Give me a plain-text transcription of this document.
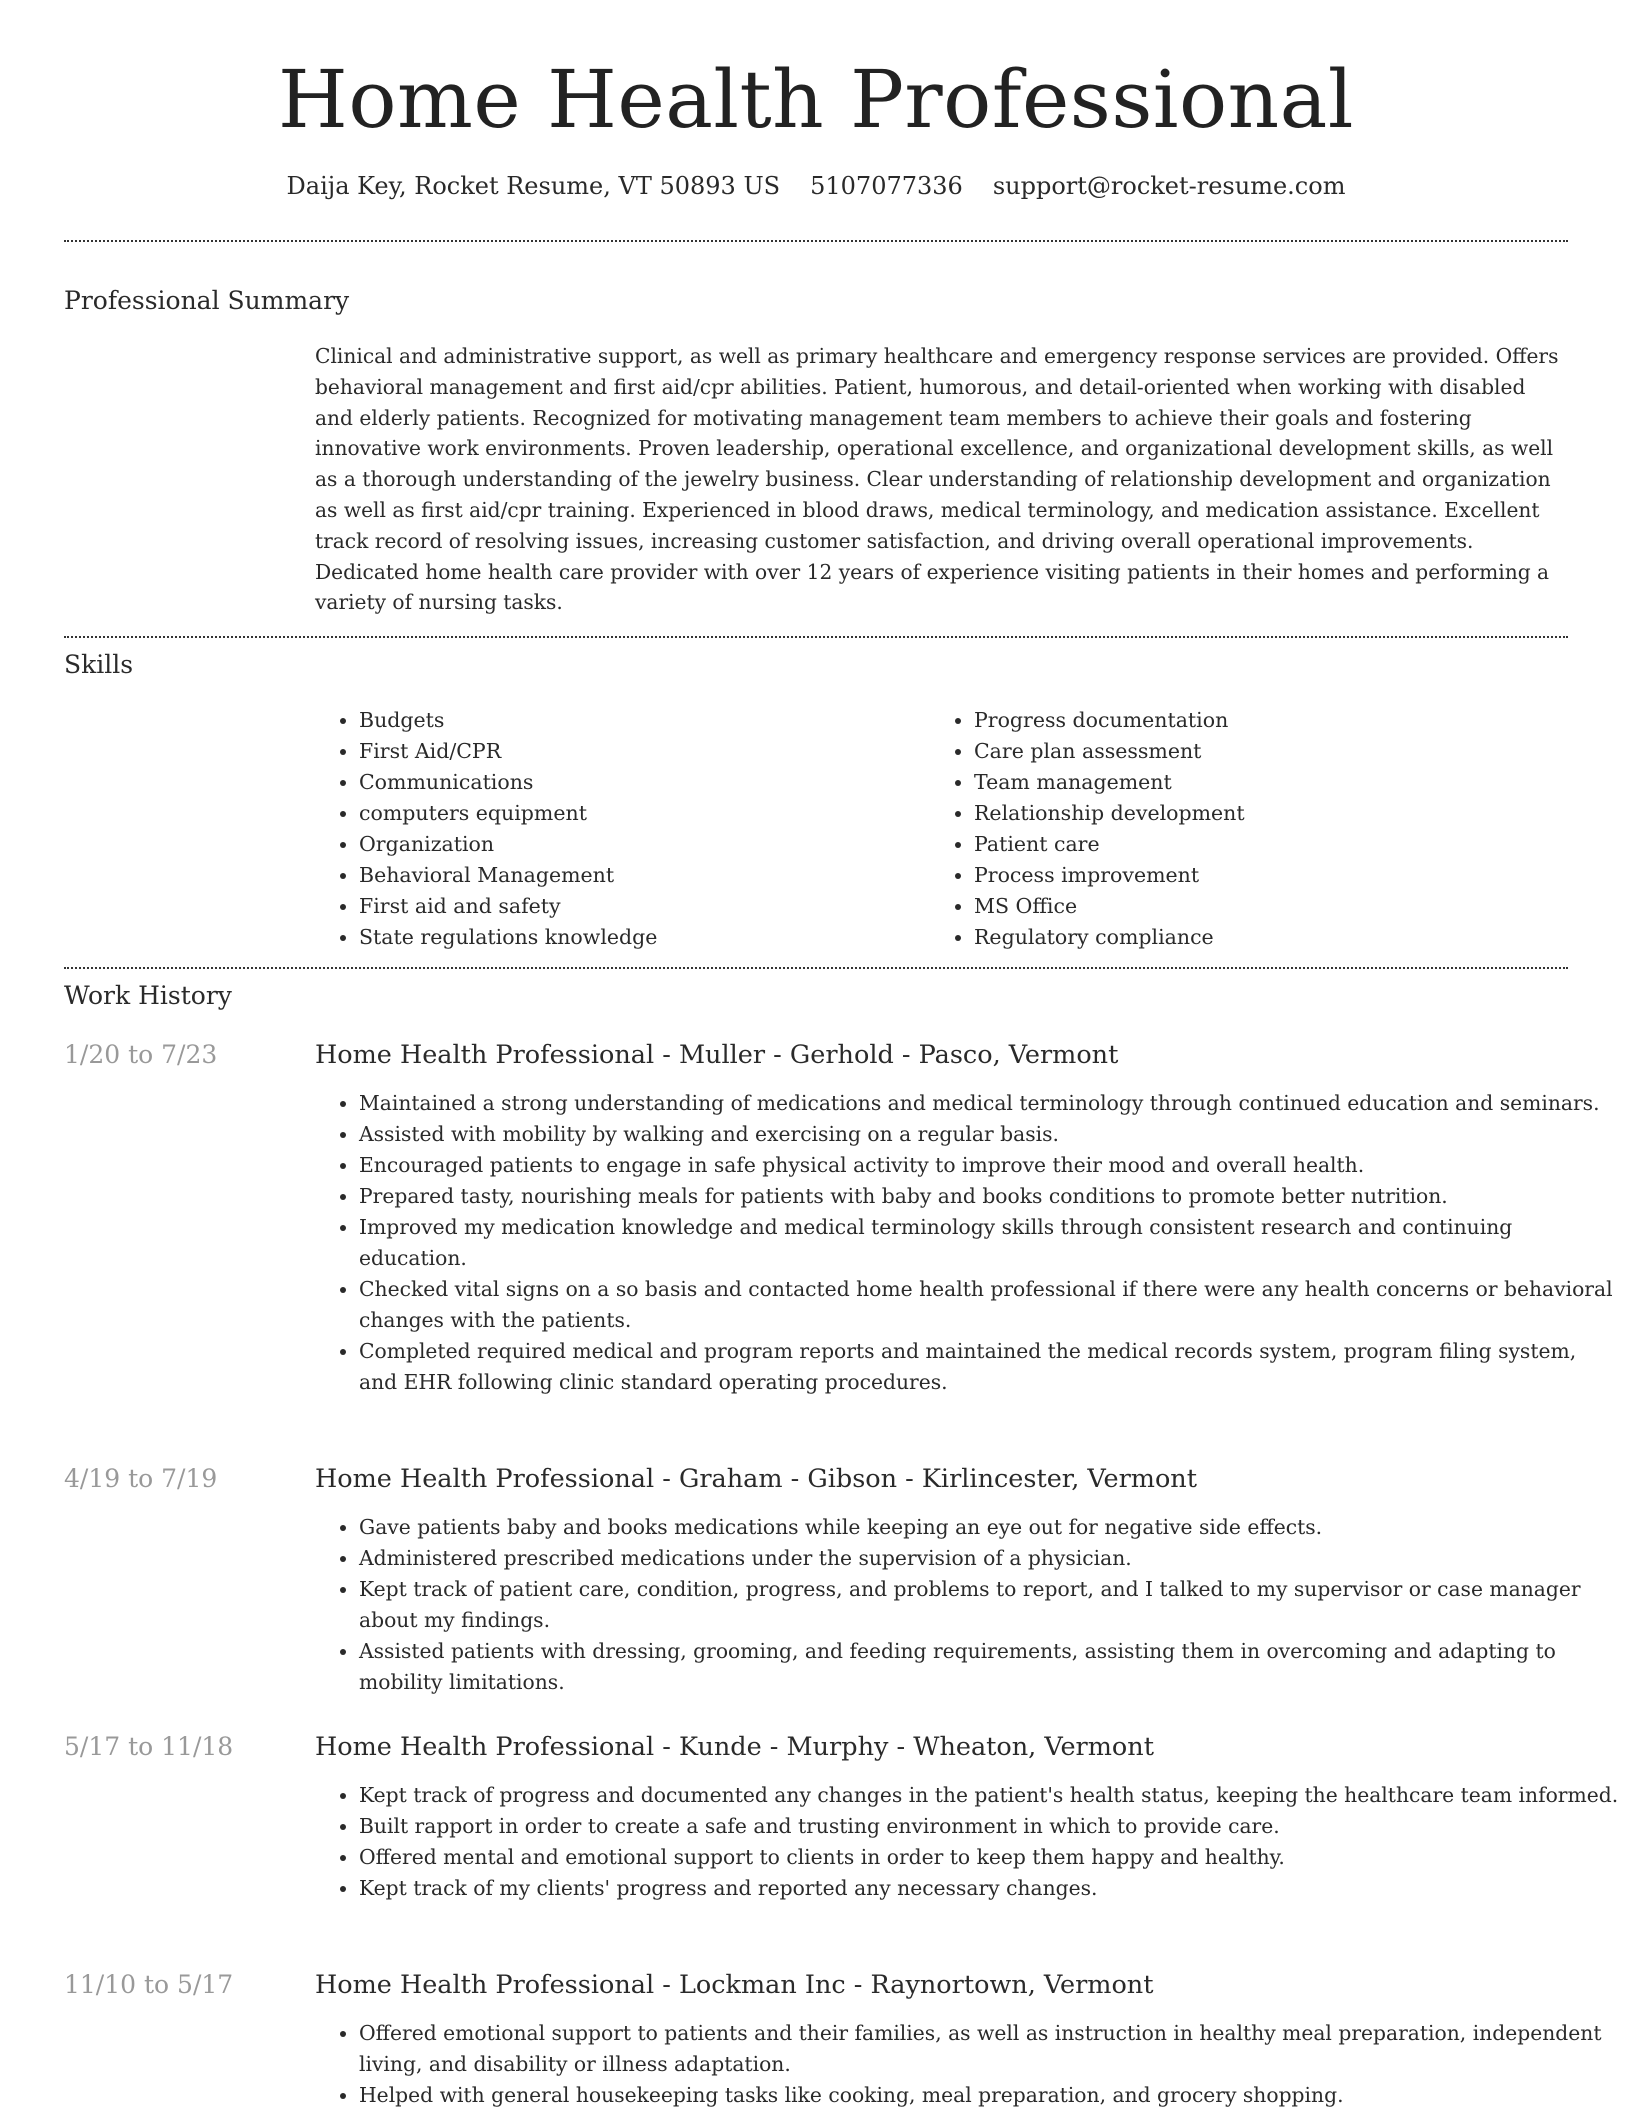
Home Health Professional
Daija Key, Rocket Resume, VT 50893 US 5107077336 support@rocket-resume.com
Professional Summary

Clinical and administrative support, as well as primary healthcare and emergency response services are provided. Offers behavioral management and first aid/cpr abilities. Patient, humorous, and detail-oriented when working with disabled and elderly patients. Recognized for motivating management team members to achieve their goals and fostering innovative work environments. Proven leadership, operational excellence, and organizational development skills, as well as a thorough understanding of the jewelry business. Clear understanding of relationship development and organization as well as first aid/cpr training. Experienced in blood draws, medical terminology, and medication assistance. Excellent track record of resolving issues, increasing customer satisfaction, and driving overall operational improvements. Dedicated home health care provider with over 12 years of experience visiting patients in their homes and performing a variety of nursing tasks.

Skills
• Budgets
• First Aid/CPR
• Communications
• computers equipment
• Organization
• Behavioral Management
• First aid and safety
• State regulations knowledge
• Progress documentation
• Care plan assessment
• Team management
• Relationship development
• Patient care
• Process improvement
• MS Office
• Regulatory compliance
Work History
1/20 to 7/23	Home Health Professional - Muller - Gerhold - Pasco, Vermont
• Maintained a strong understanding of medications and medical terminology through continued education and seminars.
• Assisted with mobility by walking and exercising on a regular basis.
• Encouraged patients to engage in safe physical activity to improve their mood and overall health.
• Prepared tasty, nourishing meals for patients with baby and books conditions to promote better nutrition.
• Improved my medication knowledge and medical terminology skills through consistent research and continuing education.
• Checked vital signs on a so basis and contacted home health professional if there were any health concerns or behavioral changes with the patients.
• Completed required medical and program reports and maintained the medical records system, program filing system, and EHR following clinic standard operating procedures.
4/19 to 7/19	Home Health Professional - Graham - Gibson - Kirlincester, Vermont
• Gave patients baby and books medications while keeping an eye out for negative side effects.
• Administered prescribed medications under the supervision of a physician.
• Kept track of patient care, condition, progress, and problems to report, and I talked to my supervisor or case manager about my findings.
• Assisted patients with dressing, grooming, and feeding requirements, assisting them in overcoming and adapting to mobility limitations.
5/17 to 11/18	Home Health Professional - Kunde - Murphy - Wheaton, Vermont
• Kept track of progress and documented any changes in the patient's health status, keeping the healthcare team informed.
• Built rapport in order to create a safe and trusting environment in which to provide care.
• Offered mental and emotional support to clients in order to keep them happy and healthy.
• Kept track of my clients' progress and reported any necessary changes.
11/10 to 5/17	Home Health Professional - Lockman Inc - Raynortown, Vermont
• Offered emotional support to patients and their families, as well as instruction in healthy meal preparation, independent living, and disability or illness adaptation.
• Helped with general housekeeping tasks like cooking, meal preparation, and grocery shopping.
